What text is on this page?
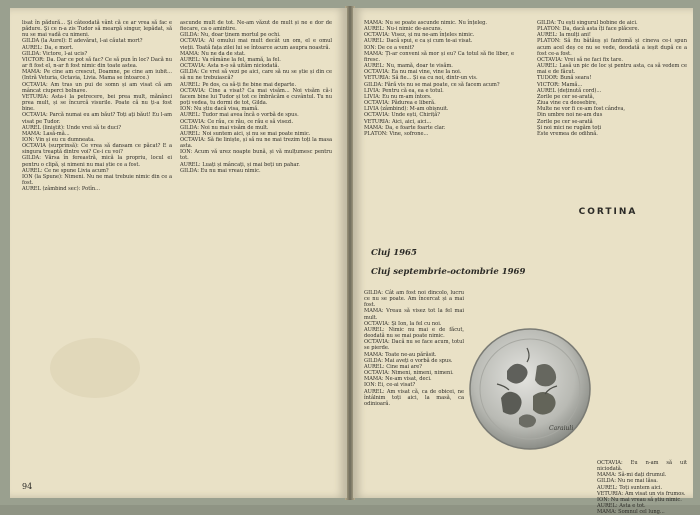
lisat în pădură... Şi câteodată vânt că ce ar vrea să fac e pădure. Şi ce n-a zis Tudor să meargă singur, lepădat, să nu se mai vadă cu nimeni.

GILDA (la Aurel): E adevărat, l-ai căutat mort?

AUREL: Da, e mort.

GILDA: Victore, l-ai ucis?

VICTOR: Da. Dar ce pot să fac? Ce să pun în loc? Dacă nu ar fi fost el, n-ar fi fost nimic din toate astea.

MAMA: Pe cine am crescut, Doamne, pe cine am iubit... (Intră Veturia, Octavia, Livia. Mama se întoarce.)

OCTAVIA: Am tras un pui de somn și am visat că am mâncat ciuperci bolnave.

VETURIA: Asta-i la petrecere, bei prea mult, mănânci prea mult, și se încurcă visurile. Poate că nu ți-a fost bine.

OCTAVIA: Parcă numai eu am băut? Toți ați băut! Eu l-am visat pe Tudor.

AUREL (liniştit): Unde vrei să te duci?

MAMA: Lasă-mă...

ION: Vin și eu cu dumneata.

OCTAVIA (surprinsă): Ce vrea să dansam ce păcat? E a singura treaptă dintre voi? Ce-i cu voi?

GILDA: Vărsa în fereastră, mică la propriu, locul ei pentru o clipă, și nimeni nu mai știe ce a fost.

AUREL: Ce ne spune Livia acum?

ION (la Spune): Nimeni. Nu ne mai trebuie nimic din ce a fost.

AUREL (zâmbind sec): Potîn...

ascunde mult de tot. Ne-am văzut de mult și ne e dor de fiecare, ca o amintire.

GILDA: Nu, doar ținem mortul pe ochi.

OCTAVIA: Al omului mai mult decât un om, el e omul vieții. Toată fața zilei lui se întoarce acum asupra noastră.

MAMA: Nu ne da de stat.

AUREL: Va rămâne la fel, mamă, la fel.

OCTAVIA: Asta n-o să uităm niciodată.

GILDA: Ce vrei să vezi pe aici, care să nu se știe și din ce să nu ne trebuiască?

AUREL: Pe dos, ca să-ți fie bine mai departe.

OCTAVIA: Cine a visat? Ca mai visăm... Noi visăm că-i facem bine lui Tudor și tot ce îmbrăcăm e cuvântul. Tu nu poți vedea, tu dormi de tot, Gilda.

ION: Nu știu dacă visa, mamă.

AUREL: Tudor mai avea încă o vorbă de spus.

OCTAVIA: Ce rău, ce rău, ce rău e să visezi.

GILDA: Noi nu mai visăm de mult.

AUREL: Noi suntem aici, și nu se mai poate nimic.

OCTAVIA: Să fie liniște, și să nu ne mai trezim toți la masa asta.

ION: Acum vă urez noapte bună, și vă mulțumesc pentru tot.

AUREL: Luați și mâncați, și mai beți un pahar.

GILDA: Eu nu mai vreau nimic.

94

MAMA: Nu se poate ascunde nimic. Nu înțeleg.

AUREL: Nu-i nimic de-ascuns.

OCTAVIA: Visez, și nu ne-am înțeles nimic.

AUREL: Dacă spui, e ca și cum te-ai visat.

ION: De ce a venit?

MAMA: Ți-ar conveni să mor și eu? Ca totul să fie liber, e firesc.

AUREL: Nu, mamă, doar te visăm.

OCTAVIA: Ea nu mai vine, vine la noi.

VETURIA: Să fie... Și ea cu noi, dintr-un vis.

GILDA: Fără vis nu se mai poate, ce să facem acum?

LIVIA: Pentru că ea, ea e totul.

LIVIA: Eu nu m-am întors.

OCTAVIA: Pădurea e liberă.

LIVIA (zâmbind): M-am obișnuit.

OCTAVIA: Unde ești, Chiriță?

VETURIA: Aici, aici, aici...

MAMA: Da, e foarte foarte clar.

PLATON: Vine, sofrone...

GILDA: Tu ești singurul bobine de aici.

PLATON: Da, dacă asta îți face plăcere.

AUREL: Ia mulți ani!

PLATON: Să fiu bătăuș și fantomă și cineva ce-i spun acum acel deș ce nu se vede, deodată a ieșit după ce a fost ce-a fost.

OCTAVIA: Vrei să ne faci fix tare.

AUREL: Lasă un pic de loc și pentru asta, ca să vedem ce mai e de făcut.

TUDOR: Bună seara!

VICTOR: Mamă...

AUREL (deținută cord)...

Zorile pe cer se-arată,

Ziua vine cu deosebire,

Multe ne vor fi ce-am fost cândva,

Din umbre noi ne-am dus

Zorile pe cer se-arată

Și noi mici ne rugăm toți

Este vremea de odihnă.

CORTINA
Cluj 1965
Cluj septembrie-octombrie 1969
Caraiuli

GILDA: Cât am fost noi dincolo, lucru ce nu se poate. Am încercat și a mai fost.

MAMA: Vreau să visez tot la fel mai mult.

OCTAVIA: Și Ion, la fel cu noi.

AUREL: Nimic nu mai e de făcut, deodată nu se mai poate nimic.

OCTAVIA: Dacă nu se face acum, totul se pierde.

MAMA: Toate ne-au părăsit.

GILDA: Mai aveți o vorbă de spus.

AUREL: Cine mai are?

OCTAVIA: Nimeni, nimeni, nimeni.

MAMA: Ne-am visat, deci.

ION: Ei, ce-ai visat?

AUREL: Am visat că, ca de obicei, ne întâlnim toți aici, la masă, ca odinioară.

OCTAVIA: Eu n-am să uit niciodată.

MAMA: Să-mi dați drumul.

GILDA: Nu ne mai lăsa.

AUREL: Toți suntem aici.

VETURIA: Am visat un vis frumos.

ION: Nu mai vreau să știu nimic.

AUREL: Asta e tot.

MAMA: Somnul cel lung...
